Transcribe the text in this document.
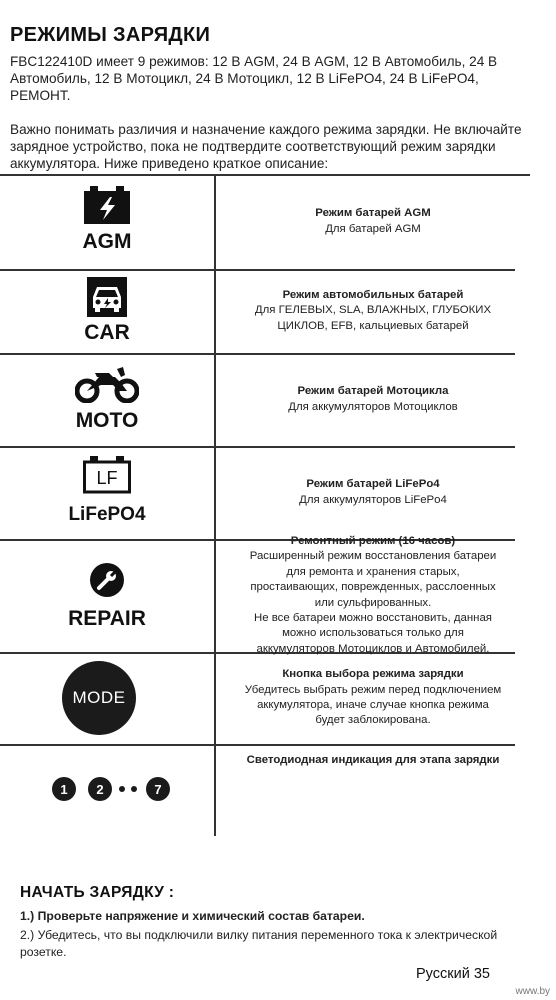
РЕЖИМЫ ЗАРЯДКИ
FBC122410D имеет 9 режимов: 12 В AGM, 24 В AGM, 12 В Автомобиль, 24 В Автомобиль, 12 В Мотоцикл, 24 В Мотоцикл, 12 В LiFePO4, 24 В LiFePO4, РЕМОНТ.
Важно понимать различия и назначение каждого режима зарядки. Не включайте зарядное устройство, пока не подтвердите соответствующий режим зарядки аккумулятора. Ниже приведено краткое описание:
AGM
Режим батарей AGM
Для батарей AGM
CAR
Режим автомобильных батарей
Для ГЕЛЕВЫХ, SLA, ВЛАЖНЫХ, ГЛУБОКИХ
ЦИКЛОВ, EFB, кальциевых батарей
MOTO
Режим батарей Мотоцикла
Для аккумуляторов Мотоциклов
LF
LiFePO4
Режим батарей LiFePo4
Для аккумуляторов LiFePo4
REPAIR
Ремонтный режим (16 часов)
Расширенный режим восстановления батареи
для ремонта и хранения старых,
простаивающих, поврежденных, расслоенных
или сульфированных.
Не все батареи можно восстановить, данная
можно использоваться только для
аккумуляторов Мотоциклов и Автомобилей.
MODE
Кнопка выбора режима зарядки
Убедитесь выбрать режим перед подключением
аккумулятора, иначе случае кнопка режима
будет заблокирована.
1	2	7
Светодиодная индикация для этапа зарядки
НАЧАТЬ ЗАРЯДКУ :
1.) Проверьте напряжение и химический состав батареи.
2.) Убедитесь, что вы подключили вилку питания переменного тока к электрической розетке.
Русский 35
www.by
